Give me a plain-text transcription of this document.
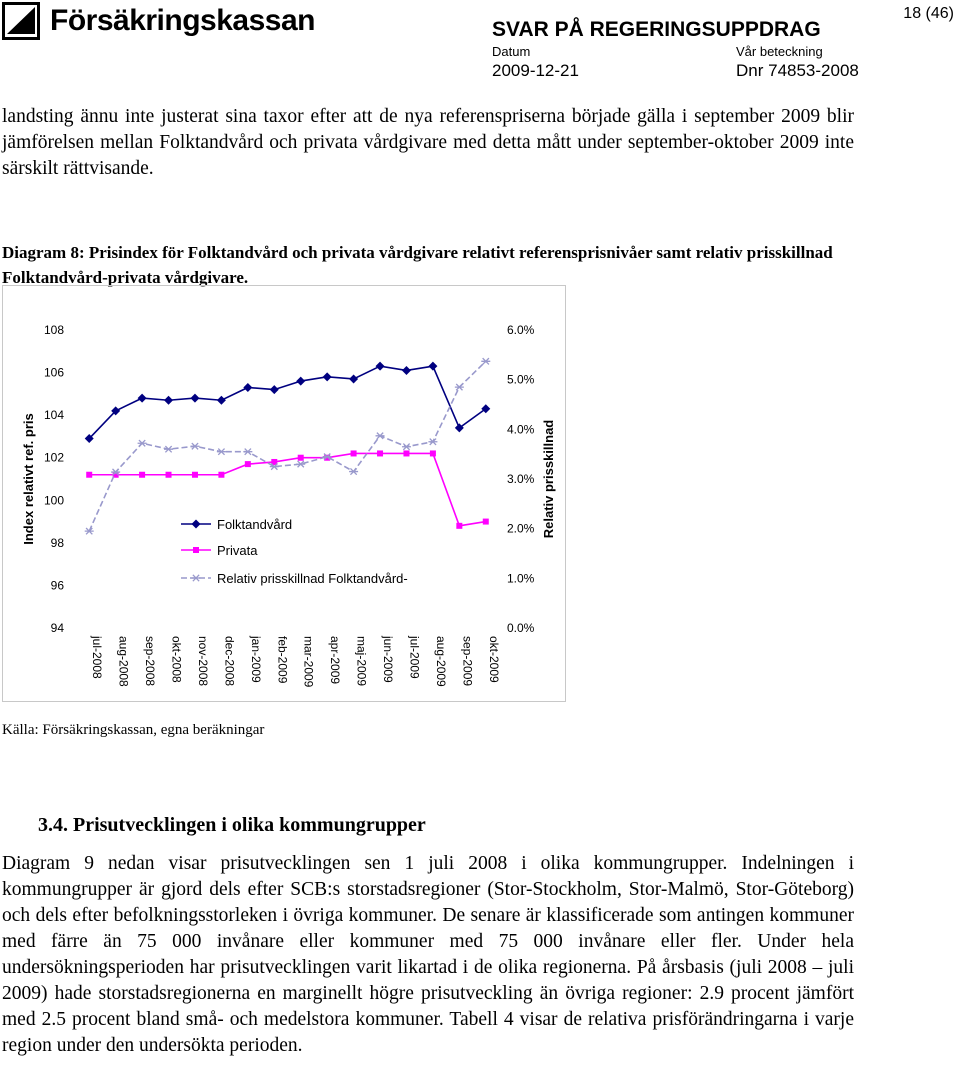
Försäkringskassan	SVAR PÅ REGERINGSUPPDRAG
18 (46)
Datum	Vår beteckning
2009-12-21	Dnr 74853-2008

landsting ännu inte justerat sina taxor efter att de nya referenspriserna började gälla i september 2009 blir jämförelsen mellan Folktandvård och privata vårdgivare med detta mått under september-oktober 2009 inte särskilt rättvisande.

Diagram 8: Prisindex för Folktandvård och privata vårdgivare relativt referensprisnivåer samt relativ prisskillnad Folktandvård-privata vårdgivare.

94
96
98
100
102
104
106
108
0.0%
1.0%
2.0%
3.0%
4.0%
5.0%
6.0%
jul-2008 aug-2008 sep-2008 okt-2008 nov-2008 dec-2008 jan-2009 feb-2009 mar-2009 apr-2009 maj-2009 jun-2009 jul-2009 aug-2009 sep-2009 okt-2009
Index relativt ref. pris	Relativ prisskillnad
Folktandvård
Privata
Relativ prisskillnad Folktandvård-
Källa: Försäkringskassan, egna beräkningar
3.4. Prisutvecklingen i olika kommungrupper

Diagram 9 nedan visar prisutvecklingen sen 1 juli 2008 i olika kommungrupper. Indelningen i kommungrupper är gjord dels efter SCB:s storstadsregioner (Stor-Stockholm, Stor-Malmö, Stor-Göteborg) och dels efter befolkningsstorleken i övriga kommuner. De senare är klassificerade som antingen kommuner med färre än 75 000 invånare eller kommuner med 75 000 invånare eller fler. Under hela undersökningsperioden har prisutvecklingen varit likartad i de olika regionerna. På årsbasis (juli 2008 – juli 2009) hade storstadsregionerna en marginellt högre prisutveckling än övriga regioner: 2.9 procent jämfört med 2.5 procent bland små- och medelstora kommuner. Tabell 4 visar de relativa prisförändringarna i varje region under den undersökta perioden.
